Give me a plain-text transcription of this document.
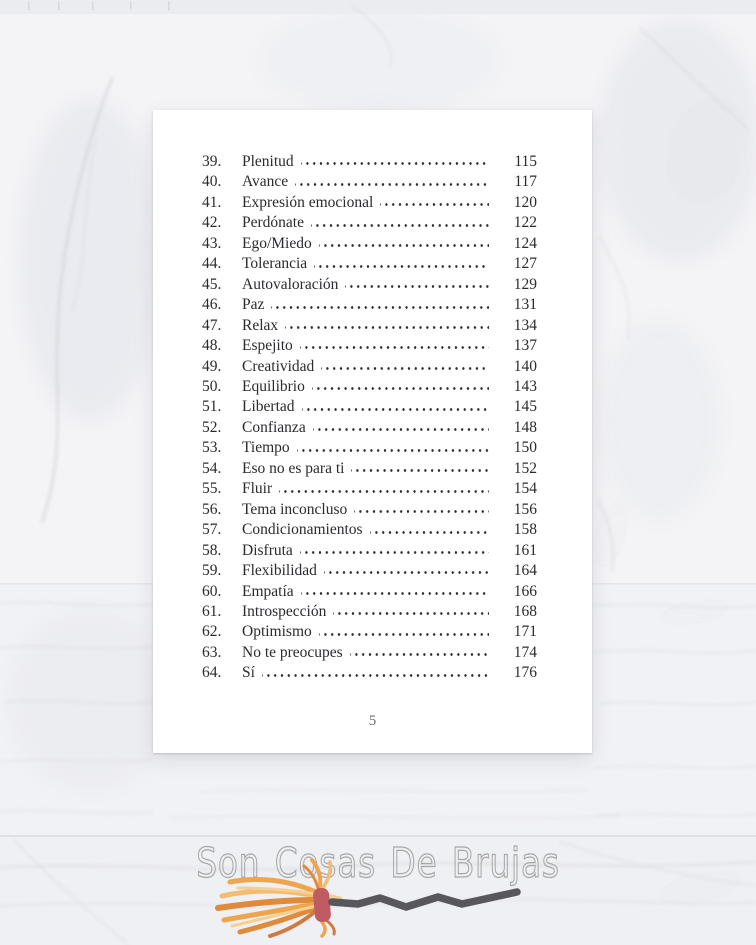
39.	Plenitud	115
40.	Avance	117
41.	Expresión emocional	120
42.	Perdónate	122
43.	Ego/Miedo	124
44.	Tolerancia	127
45.	Autovaloración	129
46.	Paz	131
47.	Relax	134
48.	Espejito	137
49.	Creatividad	140
50.	Equilibrio	143
51.	Libertad	145
52.	Confianza	148
53.	Tiempo	150
54.	Eso no es para ti	152
55.	Fluir	154
56.	Tema inconcluso	156
57.	Condicionamientos	158
58.	Disfruta	161
59.	Flexibilidad	164
60.	Empatía	166
61.	Introspección	168
62.	Optimismo	171
63.	No te preocupes	174
64.	Sí	176
5
Son Cosas De Brujas
